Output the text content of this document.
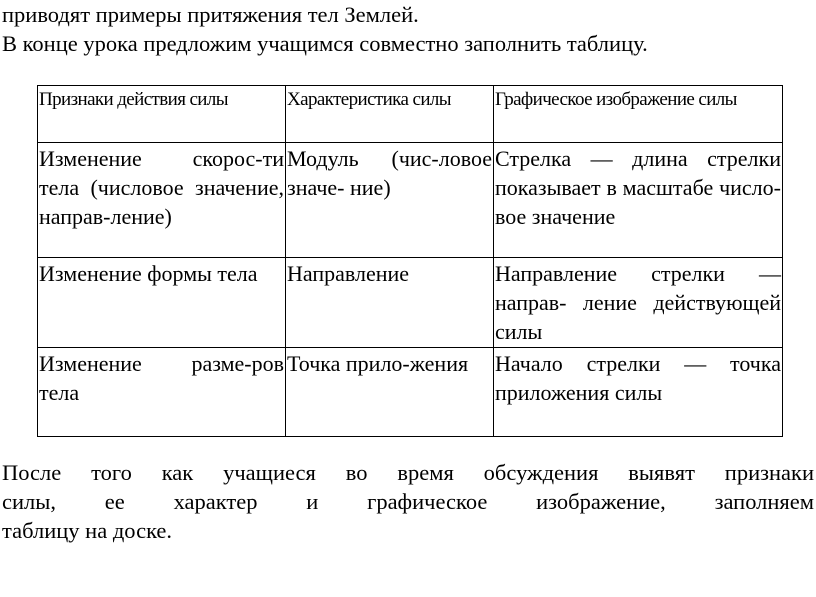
приводят примеры притяжения тел Землей.
В конце урока предложим учащимся совместно заполнить таблицу.
Признаки действия силы	Характеристика силы	Графическое изображение силы
Изменение скорос-ти тела (числовое значение, направ-ление)	Модуль (чис-ловое значе- ние)	Стрелка — длина стрелки показывает в масштабе число- вое значение
Изменение формы тела	Направление	Направление стрелки — направ- ление действующей силы
Изменение разме-ров тела	Точка прило-жения	Начало стрелки — точка приложения силы
После того как учащиеся во время обсуждения выявят признаки
силы, ее характер и графическое изображение, заполняем
таблицу на доске.
